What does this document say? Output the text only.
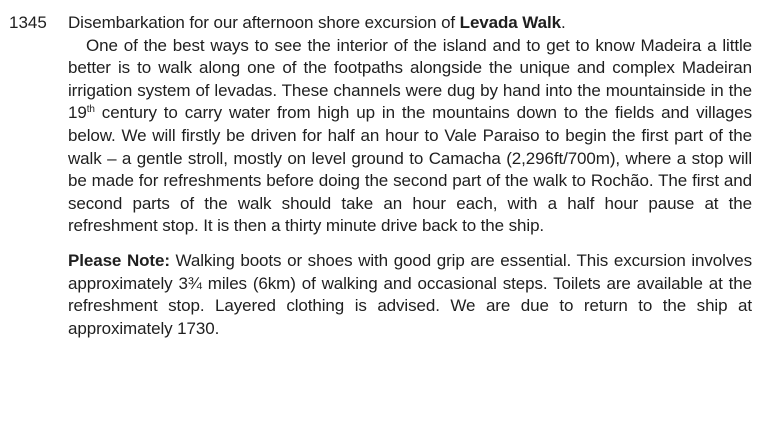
1345 Disembarkation for our afternoon shore excursion of Levada Walk.

One of the best ways to see the interior of the island and to get to know Madeira a little better is to walk along one of the footpaths alongside the unique and complex Madeiran irrigation system of levadas. These channels were dug by hand into the mountainside in the 19th century to carry water from high up in the mountains down to the fields and villages below. We will firstly be driven for half an hour to Vale Paraiso to begin the first part of the walk – a gentle stroll, mostly on level ground to Camacha (2,296ft/700m), where a stop will be made for refreshments before doing the second part of the walk to Rochão. The first and second parts of the walk should take an hour each, with a half hour pause at the refreshment stop. It is then a thirty minute drive back to the ship.

Please Note: Walking boots or shoes with good grip are essential. This excursion involves approximately 3¾ miles (6km) of walking and occasional steps. Toilets are available at the refreshment stop. Layered clothing is advised. We are due to return to the ship at approximately 1730.
